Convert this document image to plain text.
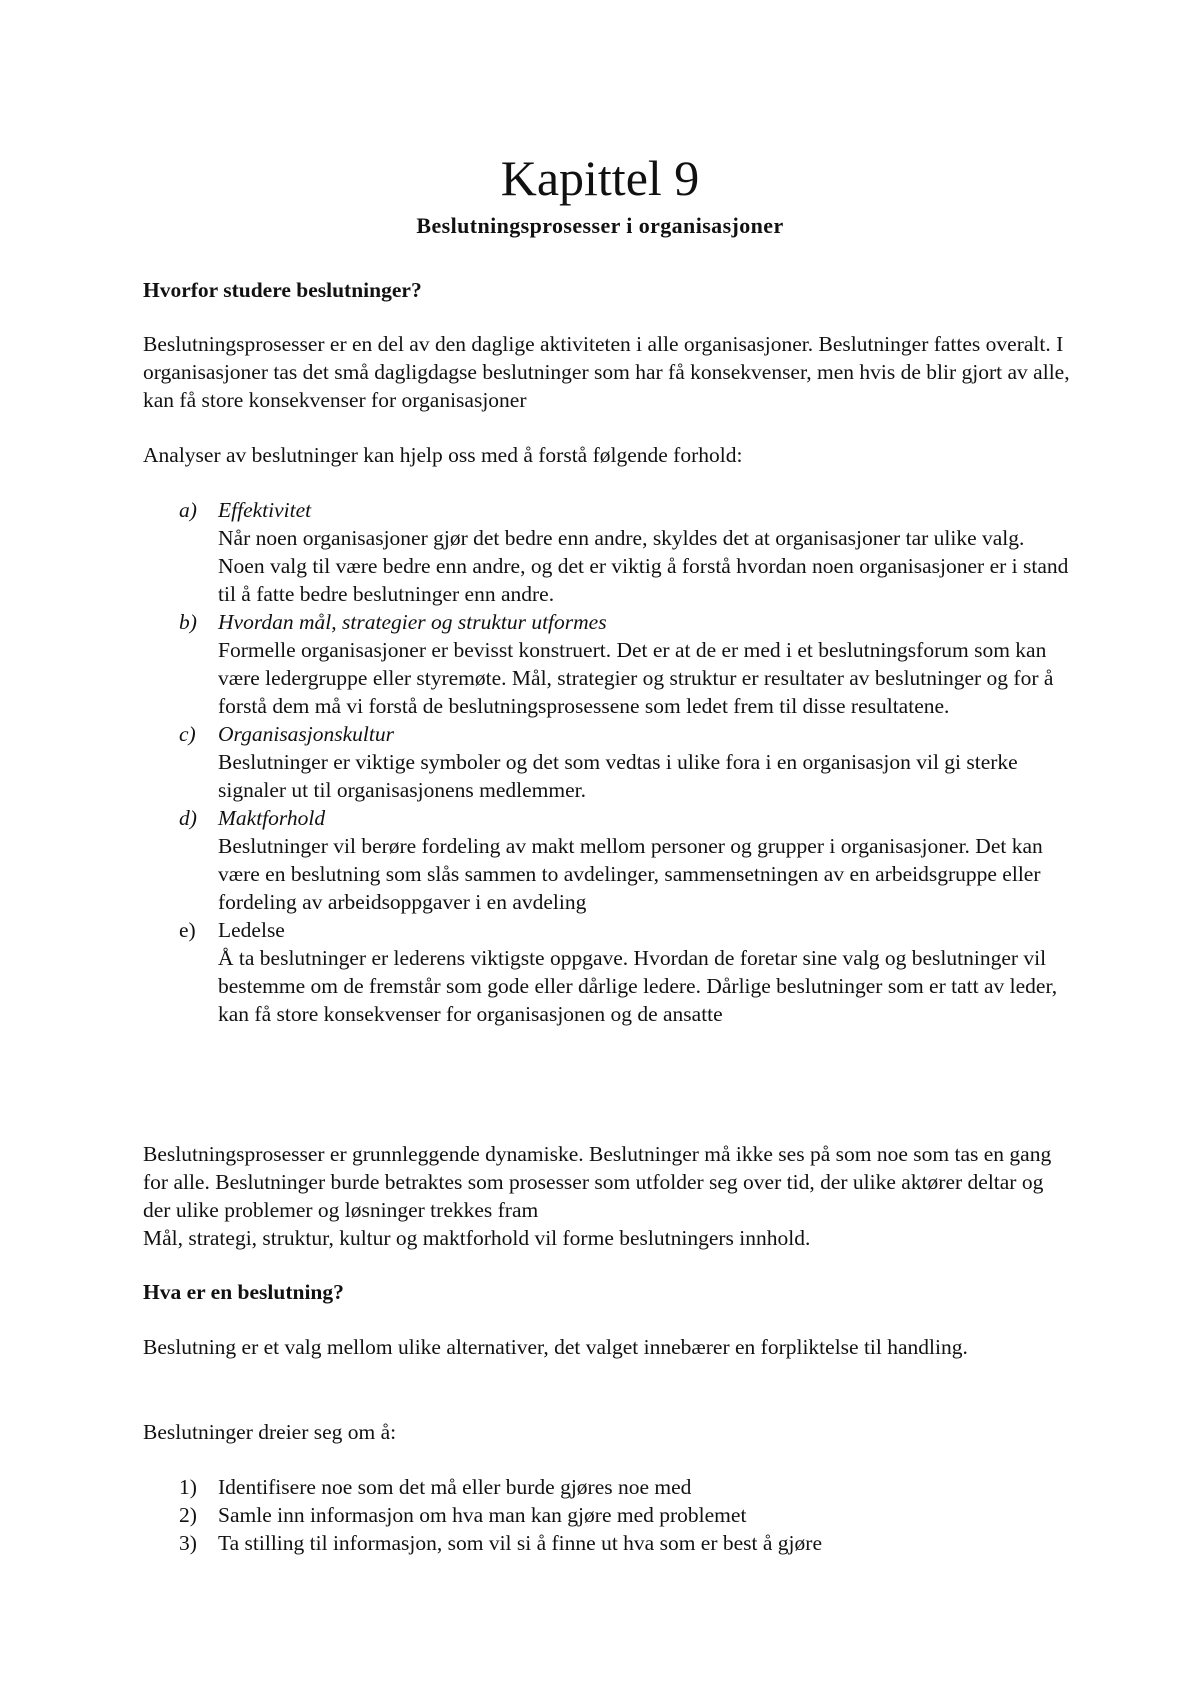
Kapittel 9
Beslutningsprosesser i organisasjoner
Hvorfor studere beslutninger?
Beslutningsprosesser er en del av den daglige aktiviteten i alle organisasjoner. Beslutninger fattes overalt. I organisasjoner tas det små dagligdagse beslutninger som har få konsekvenser, men hvis de blir gjort av alle, kan få store konsekvenser for organisasjoner
Analyser av beslutninger kan hjelp oss med å forstå følgende forhold:
a) Effektivitet
Når noen organisasjoner gjør det bedre enn andre, skyldes det at organisasjoner tar ulike valg. Noen valg til være bedre enn andre, og det er viktig å forstå hvordan noen organisasjoner er i stand til å fatte bedre beslutninger enn andre.
b) Hvordan mål, strategier og struktur utformes
Formelle organisasjoner er bevisst konstruert. Det er at de er med i et beslutningsforum som kan være ledergruppe eller styremøte. Mål, strategier og struktur er resultater av beslutninger og for å forstå dem må vi forstå de beslutningsprosessene som ledet frem til disse resultatene.
c) Organisasjonskultur
Beslutninger er viktige symboler og det som vedtas i ulike fora i en organisasjon vil gi sterke signaler ut til organisasjonens medlemmer.
d) Maktforhold
Beslutninger vil berøre fordeling av makt mellom personer og grupper i organisasjoner. Det kan være en beslutning som slås sammen to avdelinger, sammensetningen av en arbeidsgruppe eller fordeling av arbeidsoppgaver i en avdeling
e) Ledelse
Å ta beslutninger er lederens viktigste oppgave. Hvordan de foretar sine valg og beslutninger vil bestemme om de fremstår som gode eller dårlige ledere. Dårlige beslutninger som er tatt av leder, kan få store konsekvenser for organisasjonen og de ansatte
Beslutningsprosesser er grunnleggende dynamiske. Beslutninger må ikke ses på som noe som tas en gang for alle. Beslutninger burde betraktes som prosesser som utfolder seg over tid, der ulike aktører deltar og der ulike problemer og løsninger trekkes fram
Mål, strategi, struktur, kultur og maktforhold vil forme beslutningers innhold.
Hva er en beslutning?
Beslutning er et valg mellom ulike alternativer, det valget innebærer en forpliktelse til handling.
Beslutninger dreier seg om å:
1) Identifisere noe som det må eller burde gjøres noe med
2) Samle inn informasjon om hva man kan gjøre med problemet
3) Ta stilling til informasjon, som vil si å finne ut hva som er best å gjøre
